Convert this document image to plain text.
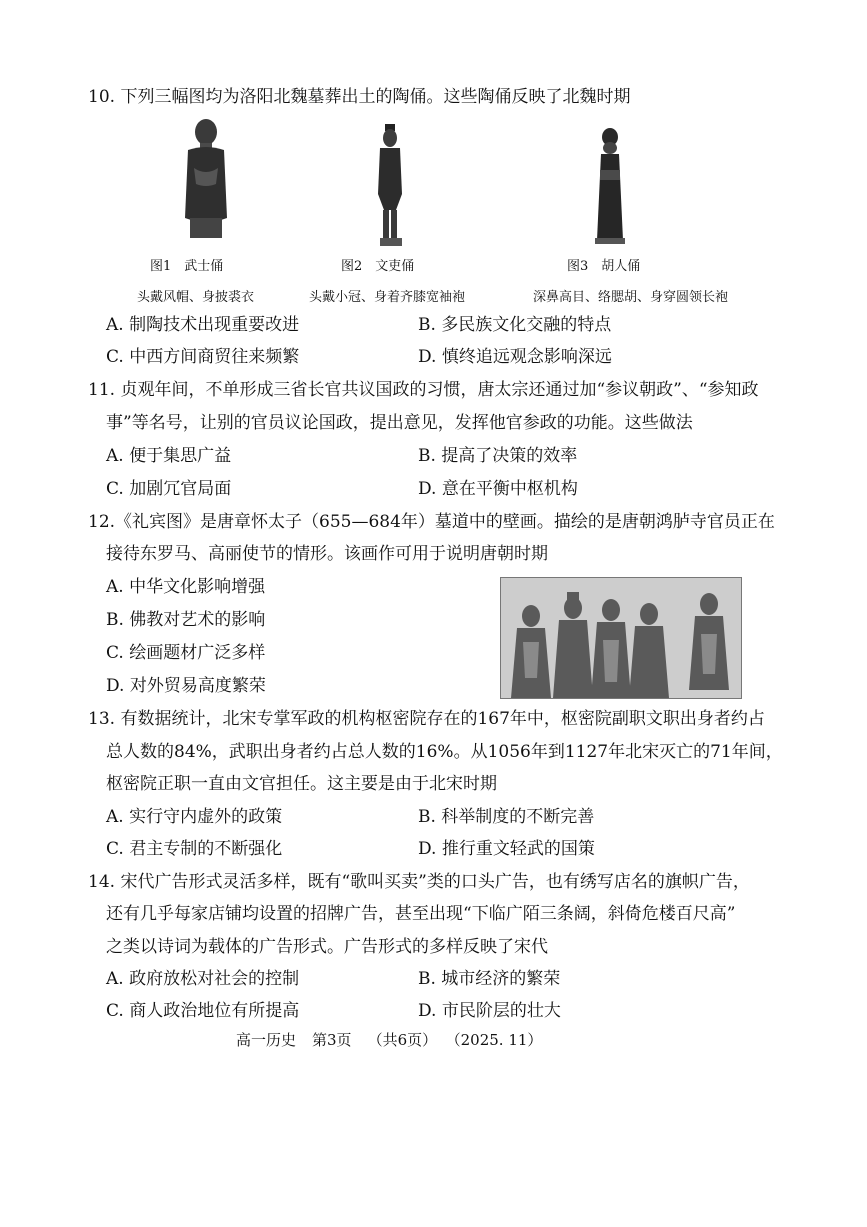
10. 下列三幅图均为洛阳北魏墓葬出土的陶俑。这些陶俑反映了北魏时期
图1　武士俑	图2　文吏俑	图3　胡人俑
头戴风帽、身披裘衣	头戴小冠、身着齐膝宽袖袍	深鼻高目、络腮胡、身穿圆领长袍
A. 制陶技术出现重要改进	B. 多民族文化交融的特点
C. 中西方间商贸往来频繁	D. 慎终追远观念影响深远
11. 贞观年间，不单形成三省长官共议国政的习惯，唐太宗还通过加“参议朝政”、“参知政
事”等名号，让别的官员议论国政，提出意见，发挥他官参政的功能。这些做法
A. 便于集思广益	B. 提高了决策的效率
C. 加剧冗官局面	D. 意在平衡中枢机构
12.《礼宾图》是唐章怀太子（655—684年）墓道中的壁画。描绘的是唐朝鸿胪寺官员正在
接待东罗马、高丽使节的情形。该画作可用于说明唐朝时期
A. 中华文化影响增强
B. 佛教对艺术的影响
C. 绘画题材广泛多样
D. 对外贸易高度繁荣
13. 有数据统计，北宋专掌军政的机构枢密院存在的167年中，枢密院副职文职出身者约占
总人数的84%，武职出身者约占总人数的16%。从1056年到1127年北宋灭亡的71年间，
枢密院正职一直由文官担任。这主要是由于北宋时期
A. 实行守内虚外的政策	B. 科举制度的不断完善
C. 君主专制的不断强化	D. 推行重文轻武的国策
14. 宋代广告形式灵活多样，既有“歌叫买卖”类的口头广告，也有绣写店名的旗帜广告，
还有几乎每家店铺均设置的招牌广告，甚至出现“下临广陌三条阔，斜倚危楼百尺高”
之类以诗词为载体的广告形式。广告形式的多样反映了宋代
A. 政府放松对社会的控制	B. 城市经济的繁荣
C. 商人政治地位有所提高	D. 市民阶层的壮大
高一历史 第3页 （共6页） （2025. 11）
